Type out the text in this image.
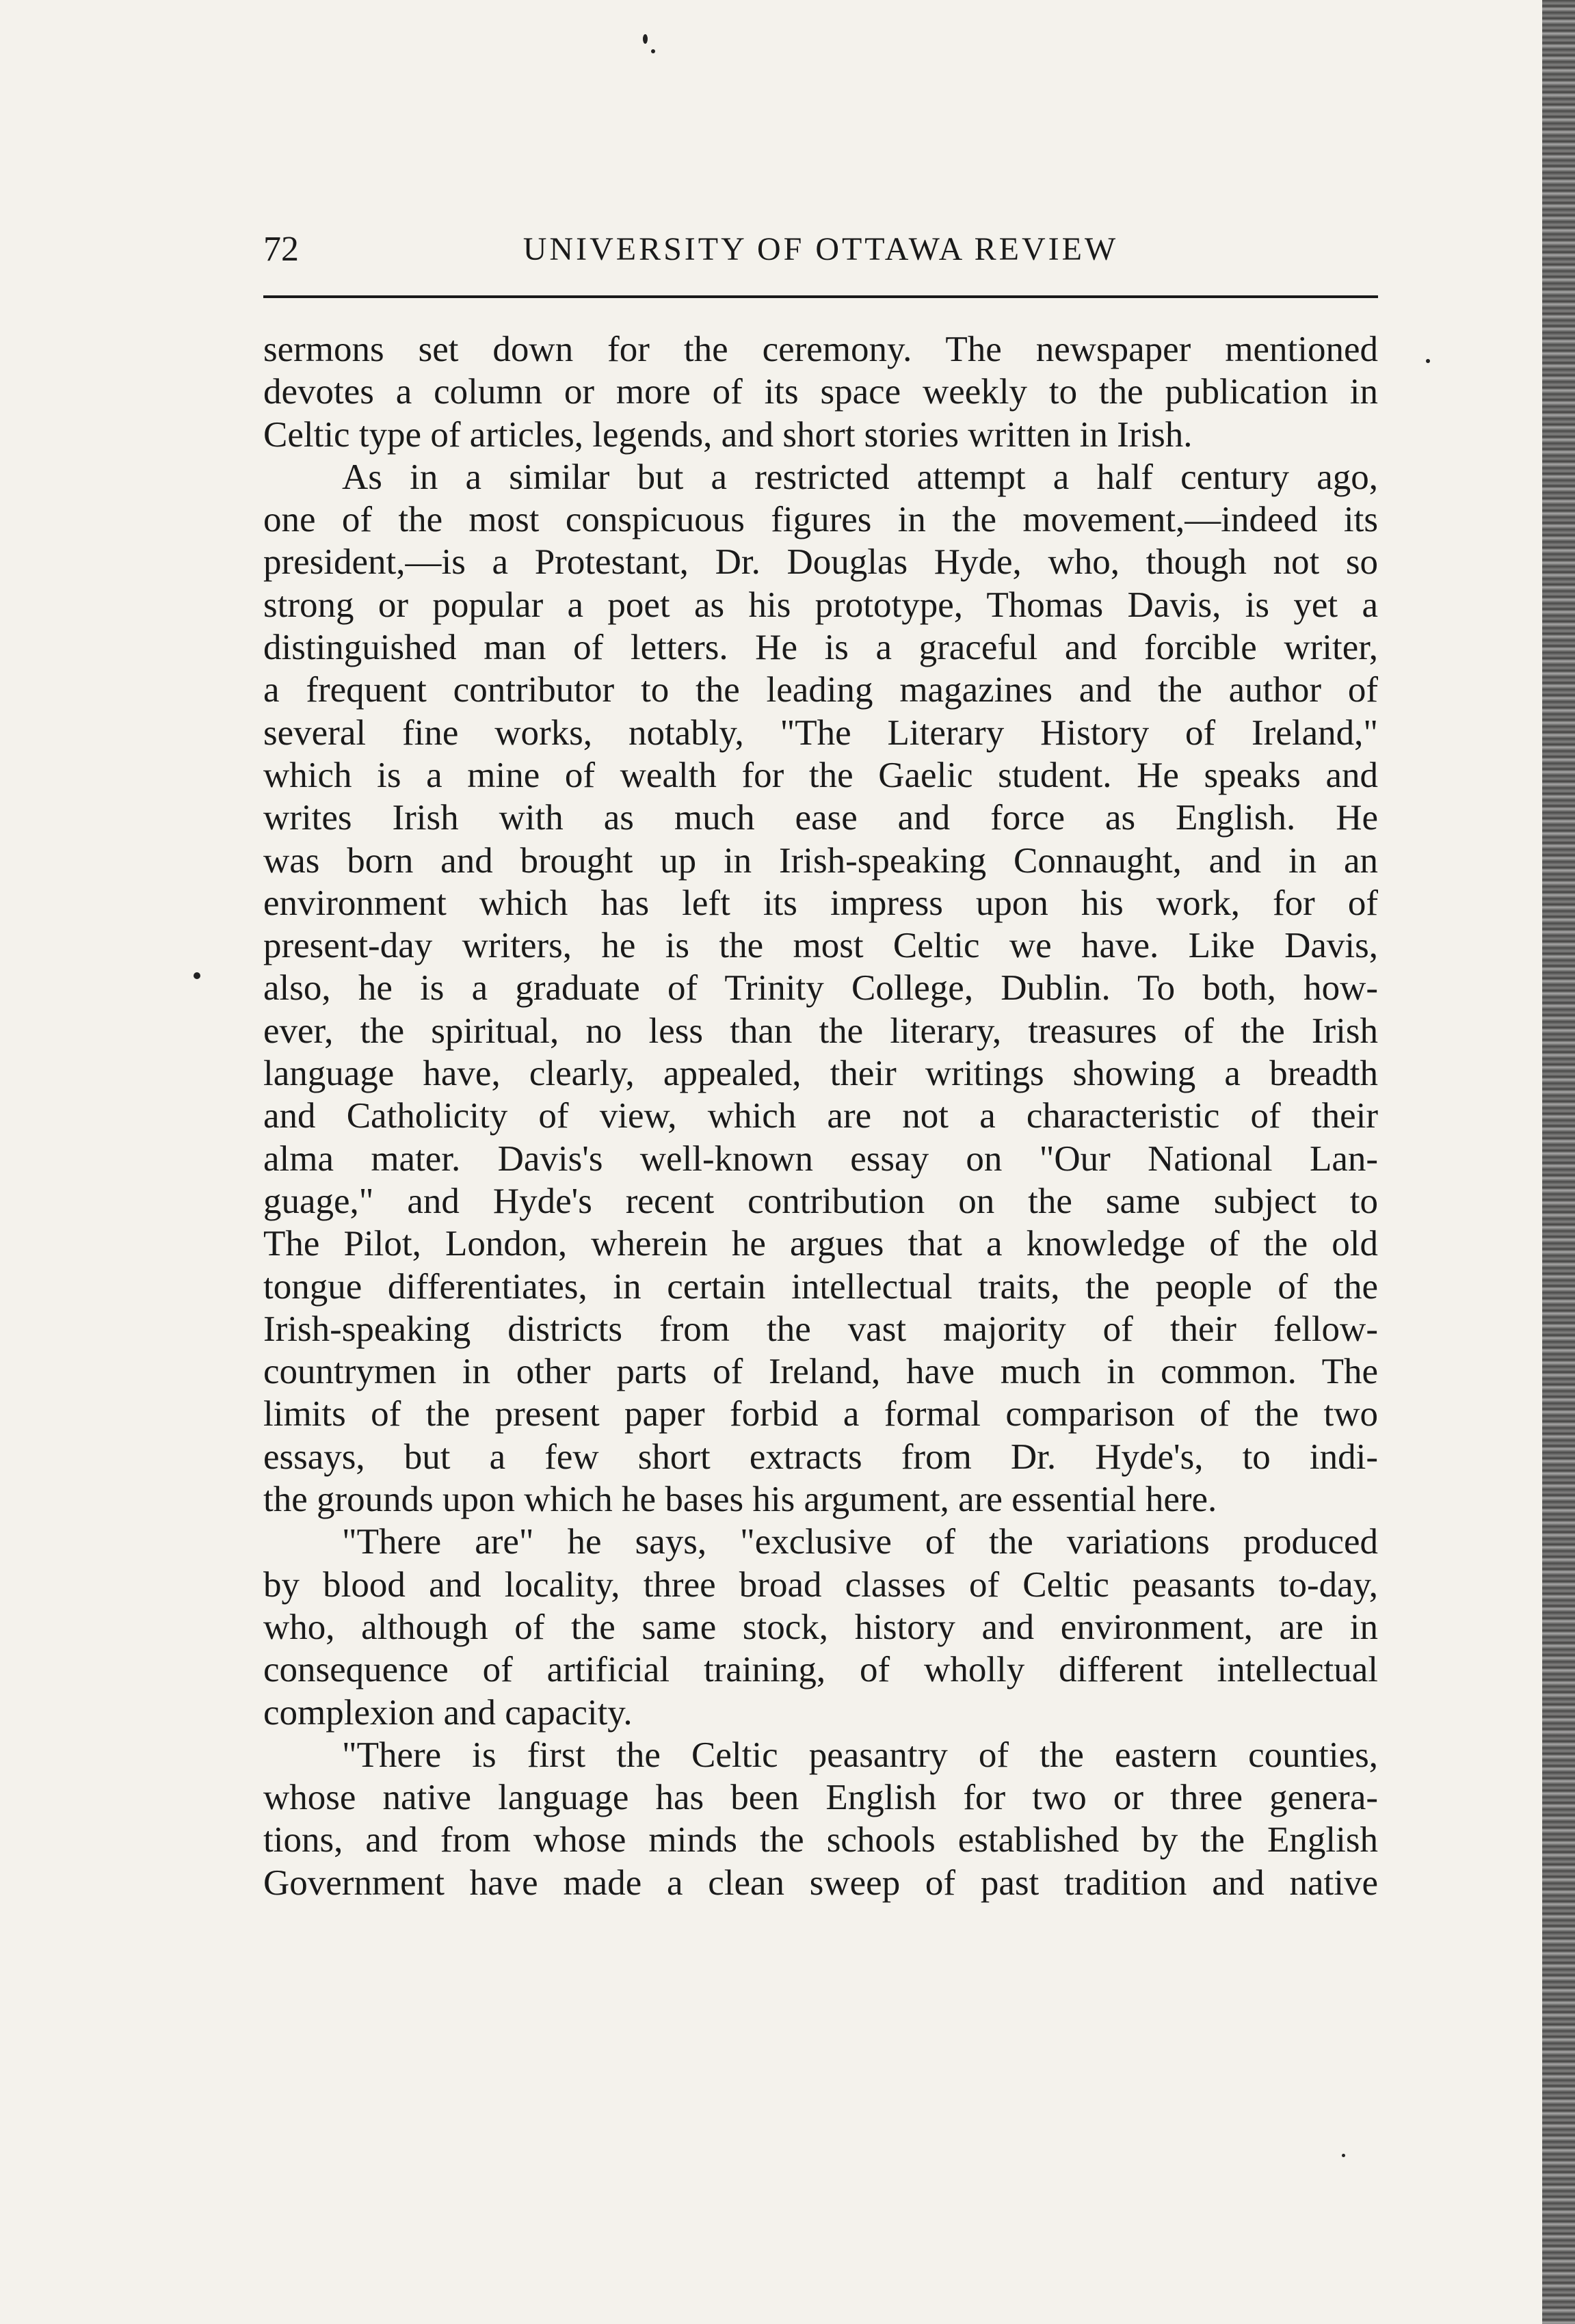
72	UNIVERSITY OF OTTAWA REVIEW
sermons set down for the ceremony. The newspaper mentioned
devotes a column or more of its space weekly to the publication in
Celtic type of articles, legends, and short stories written in Irish.
As in a similar but a restricted attempt a half century ago,
one of the most conspicuous figures in the movement,—indeed its
president,—is a Protestant, Dr. Douglas Hyde, who, though not so
strong or popular a poet as his prototype, Thomas Davis, is yet a
distinguished man of letters. He is a graceful and forcible writer,
a frequent contributor to the leading magazines and the author of
several fine works, notably, "The Literary History of Ireland,"
which is a mine of wealth for the Gaelic student. He speaks and
writes Irish with as much ease and force as English. He
was born and brought up in Irish-speaking Connaught, and in an
environment which has left its impress upon his work, for of
present-day writers, he is the most Celtic we have. Like Davis,
also, he is a graduate of Trinity College, Dublin. To both, how-
ever, the spiritual, no less than the literary, treasures of the Irish
language have, clearly, appealed, their writings showing a breadth
and Catholicity of view, which are not a characteristic of their
alma mater. Davis's well-known essay on "Our National Lan-
guage," and Hyde's recent contribution on the same subject to
The Pilot, London, wherein he argues that a knowledge of the old
tongue differentiates, in certain intellectual traits, the people of the
Irish-speaking districts from the vast majority of their fellow-
countrymen in other parts of Ireland, have much in common. The
limits of the present paper forbid a formal comparison of the two
essays, but a few short extracts from Dr. Hyde's, to indi-
the grounds upon which he bases his argument, are essential here.
"There are" he says, "exclusive of the variations produced
by blood and locality, three broad classes of Celtic peasants to-day,
who, although of the same stock, history and environment, are in
consequence of artificial training, of wholly different intellectual
complexion and capacity.
"There is first the Celtic peasantry of the eastern counties,
whose native language has been English for two or three genera-
tions, and from whose minds the schools established by the English
Government have made a clean sweep of past tradition and native
